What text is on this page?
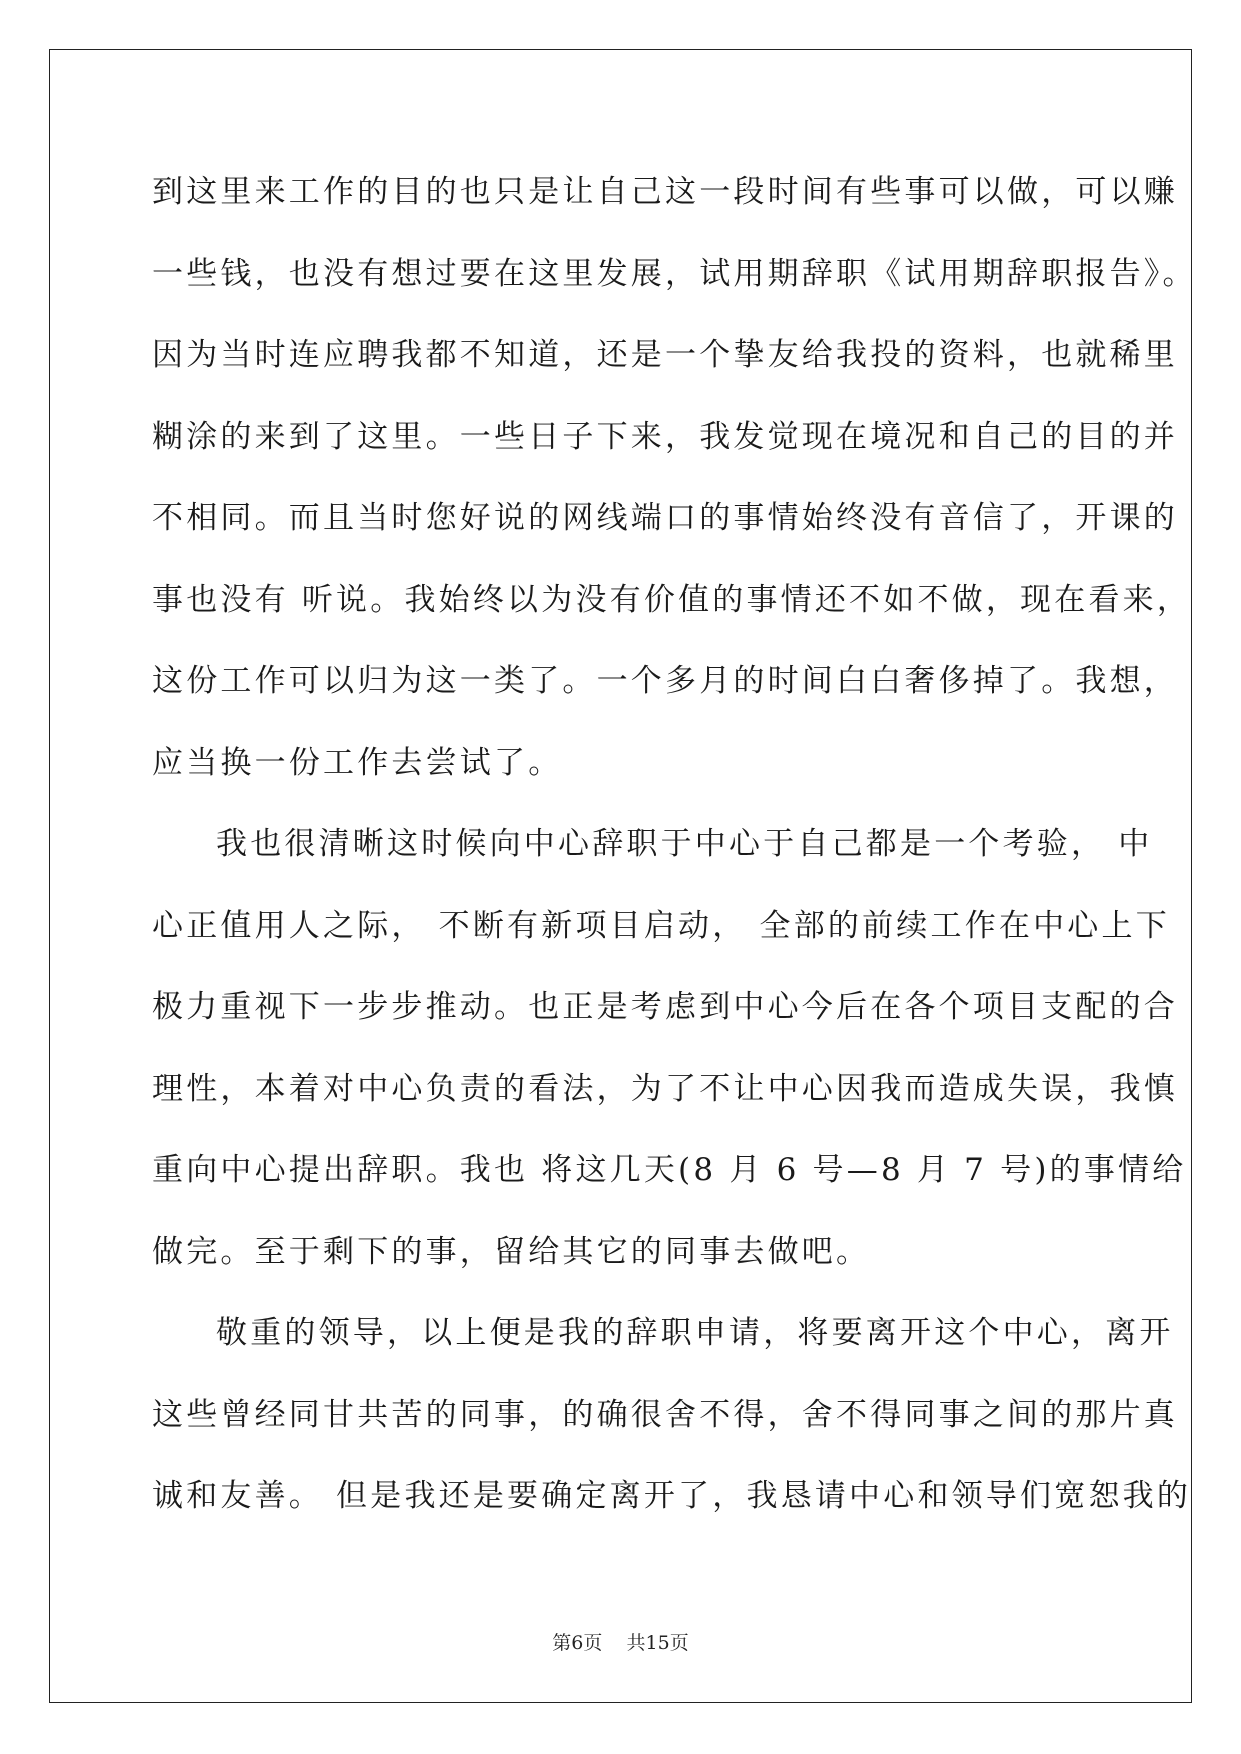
到这里来工作的目的也只是让自己这一段时间有些事可以做，可以赚
一些钱，也没有想过要在这里发展，试用期辞职《试用期辞职报告》。
因为当时连应聘我都不知道，还是一个挚友给我投的资料，也就稀里
糊涂的来到了这里。一些日子下来，我发觉现在境况和自己的目的并
不相同。而且当时您好说的网线端口的事情始终没有音信了，开课的
事也没有 听说。我始终以为没有价值的事情还不如不做，现在看来，
这份工作可以归为这一类了。一个多月的时间白白奢侈掉了。我想，
应当换一份工作去尝试了。
我也很清晰这时候向中心辞职于中心于自己都是一个考验， 中
心正值用人之际， 不断有新项目启动， 全部的前续工作在中心上下
极力重视下一步步推动。也正是考虑到中心今后在各个项目支配的合
理性，本着对中心负责的看法，为了不让中心因我而造成失误，我慎
重向中心提出辞职。我也 将这几天(8 月 6 号—8 月 7 号)的事情给
做完。至于剩下的事，留给其它的同事去做吧。
敬重的领导，以上便是我的辞职申请，将要离开这个中心，离开
这些曾经同甘共苦的同事，的确很舍不得，舍不得同事之间的那片真
诚和友善。 但是我还是要确定离开了，我恳请中心和领导们宽恕我的
第6页    共15页
